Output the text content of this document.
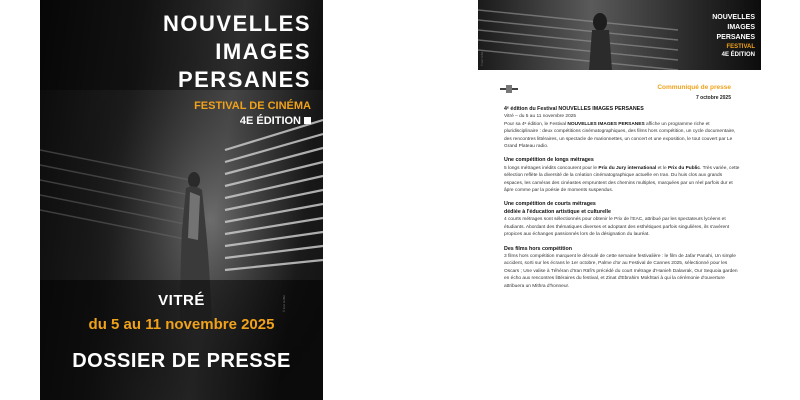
NOUVELLES
IMAGES
PERSANES
FESTIVAL DE CINÉMA
4E ÉDITION
VITRÉ
du 5 au 11 novembre 2025
DOSSIER DE PRESSE
© Eric Hoffet
NOUVELLES
IMAGES
PERSANES
FESTIVAL
4E ÉDITION
© Eric Hoffet
Communiqué de presse
7 octobre 2025

4ᵉ édition du Festival NOUVELLES IMAGES PERSANES

Vitré – du 5 au 11 novembre 2025

Pour sa 4ᵉ édition, le Festival NOUVELLES IMAGES PERSANES affiche un programme riche et pluridisciplinaire : deux compétitions cinématographiques, des films hors compétition, un cycle documentaire, des rencontres littéraires, un spectacle de marionnettes, un concert et une exposition, le tout couvert par Le Grand Plateau radio.

Une compétition de longs métrages

5 longs métrages inédits concourent pour le Prix du Jury international et le Prix du Public. Très variée, cette sélection reflète la diversité de la création cinématographique actuelle en Iran. Du huis clos aux grands espaces, les caméras des cinéastes empruntent des chemins multiples, marquées par un réel parfois dur et âpre comme par la poésie de moments suspendus.

Une compétition de courts métrages

dédiée à l'éducation artistique et culturelle

4 courts métrages sont sélectionnés pour obtenir le Prix de l'EAC, attribué par les spectateurs lycéens et étudiants. Abordant des thématiques diverses et adoptant des esthétiques parfois singulières, ils s'avèrent propices aux échanges passionnés lors de la désignation du lauréat.

Des films hors compétition

3 films hors compétition marquent le déroulé de cette semaine festivalière : le film de Jafar Panahi, Un simple accident, sorti sur les écrans le 1er octobre, Palme d'or au Festival de Cannes 2025, sélectionné pour les Oscars ; Une valise à Téhéran d'Iran Räfi's précédé du court métrage d'Hanieh Dalavrak, Our Sequoia garden en écho aux rencontres littéraires du festival, et Zinat d'Ebrahim Mokhtari à qui la cérémonie d'ouverture attribuera un Mithra d'honneur.
